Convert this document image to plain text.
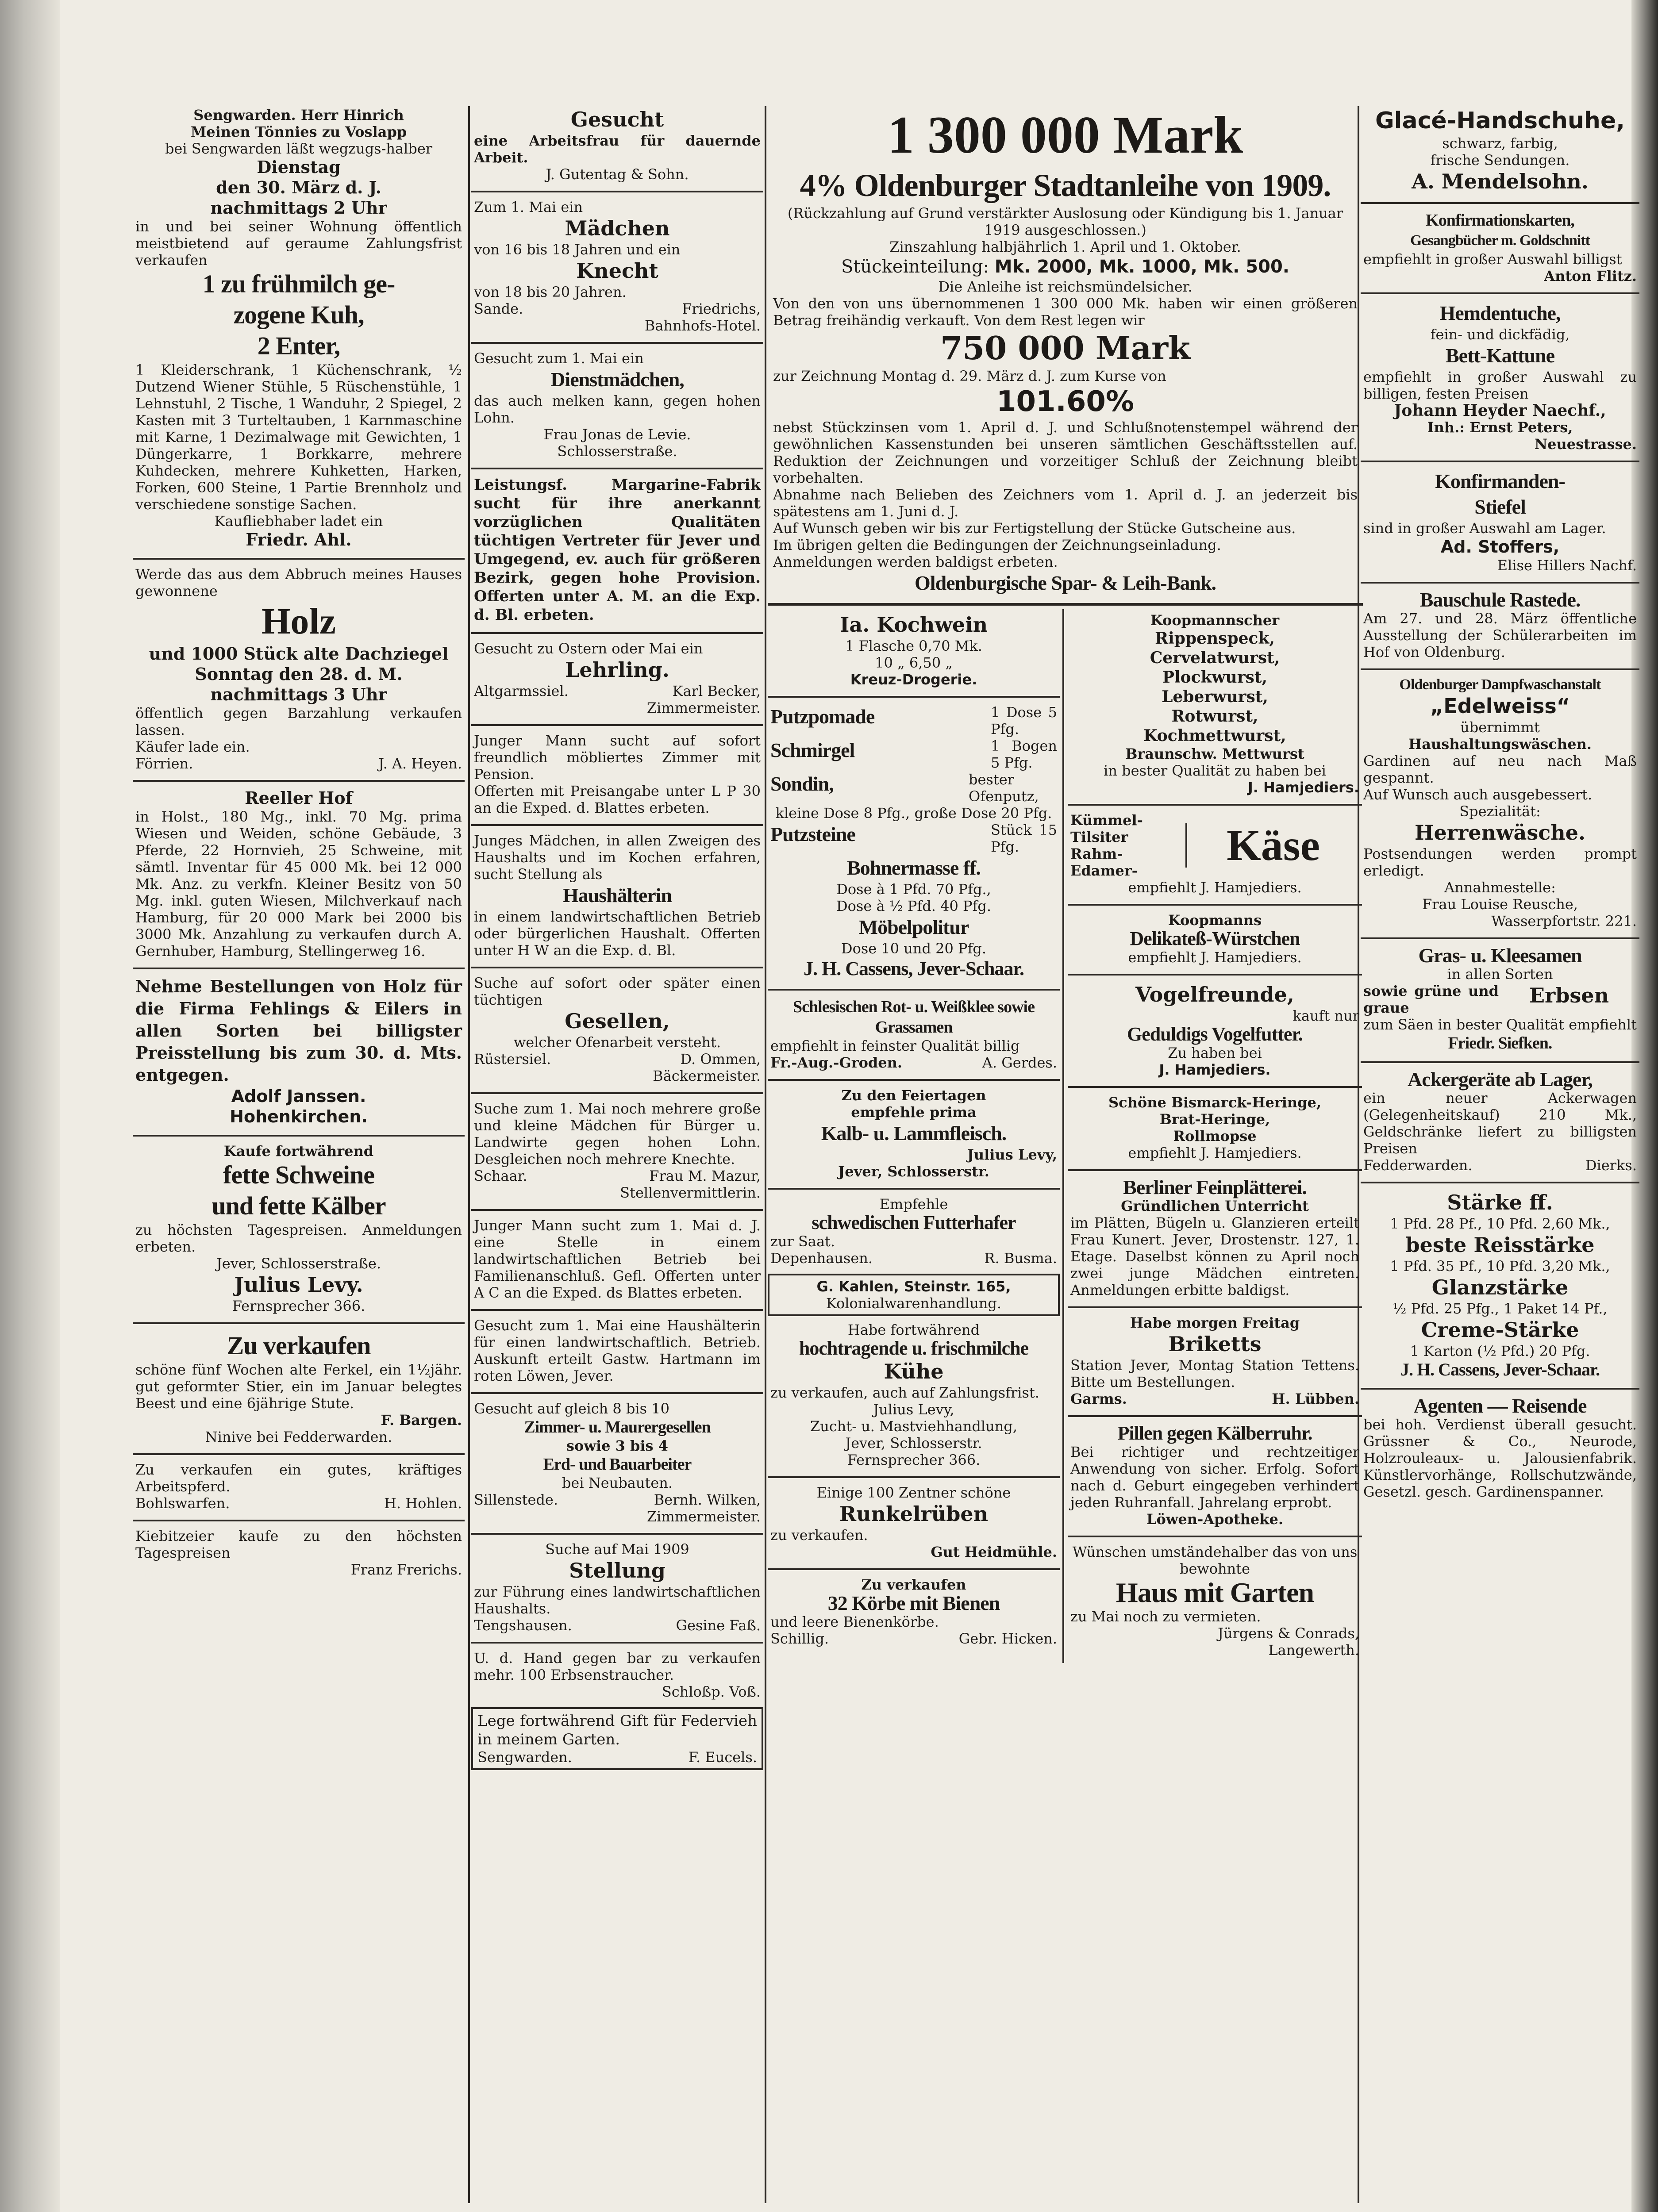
Sengwarden. Herr Hinrich
Meinen Tönnies zu Voslapp
bei Sengwarden läßt wegzugs-halber
Dienstag
den 30. März d. J.
nachmittags 2 Uhr
in und bei seiner Wohnung öffentlich meistbietend auf geraume Zahlungsfrist verkaufen
1 zu frühmilch ge-
zogene Kuh,
2 Enter,
1 Kleiderschrank, 1 Küchenschrank, ½ Dutzend Wiener Stühle, 5 Rüschenstühle, 1 Lehnstuhl, 2 Tische, 1 Wanduhr, 2 Spiegel, 2 Kasten mit 3 Turteltauben, 1 Karnmaschine mit Karne, 1 Dezimalwage mit Gewichten, 1 Düngerkarre, 1 Borkkarre, mehrere Kuhdecken, mehrere Kuhketten, Harken, Forken, 600 Steine, 1 Partie Brennholz und verschiedene sonstige Sachen.
Kaufliebhaber ladet ein
Friedr. Ahl.
Werde das aus dem Abbruch meines Hauses gewonnene
Holz
und 1000 Stück alte Dachziegel
Sonntag den 28. d. M. nachmittags 3 Uhr
öffentlich gegen Barzahlung verkaufen lassen.
Käufer lade ein.
Förrien.	J. A. Heyen.
Reeller Hof
in Holst., 180 Mg., inkl. 70 Mg. prima Wiesen und Weiden, schöne Gebäude, 3 Pferde, 22 Hornvieh, 25 Schweine, mit sämtl. Inventar für 45 000 Mk. bei 12 000 Mk. Anz. zu verkfn. Kleiner Besitz von 50 Mg. inkl. guten Wiesen, Milchverkauf nach Hamburg, für 20 000 Mark bei 2000 bis 3000 Mk. Anzahlung zu verkaufen durch A. Gernhuber, Hamburg, Stellingerweg 16.
Nehme Bestellungen von Holz für die Firma Fehlings & Eilers in allen Sorten bei billigster Preisstellung bis zum 30. d. Mts. entgegen.
Adolf Janssen.
Hohenkirchen.
Kaufe fortwährend
fette Schweine
und fette Kälber
zu höchsten Tagespreisen. Anmeldungen erbeten.
Jever, Schlosserstraße.
Julius Levy.
Fernsprecher 366.
Zu verkaufen
schöne fünf Wochen alte Ferkel, ein 1½jähr. gut geformter Stier, ein im Januar belegtes Beest und eine 6jährige Stute.
F. Bargen.
Ninive bei Fedderwarden.
Zu verkaufen ein gutes, kräftiges Arbeitspferd.
Bohlswarfen.	H. Hohlen.
Kiebitzeier kaufe zu den höchsten Tagespreisen
Franz Frerichs.
Gesucht
eine Arbeitsfrau für dauernde Arbeit.
J. Gutentag & Sohn.
Zum 1. Mai ein
Mädchen
von 16 bis 18 Jahren und ein
Knecht
von 18 bis 20 Jahren.
Sande.	Friedrichs,
Bahnhofs-Hotel.
Gesucht zum 1. Mai ein
Dienstmädchen,
das auch melken kann, gegen hohen Lohn.
Frau Jonas de Levie.
Schlosserstraße.
Leistungsf. Margarine-Fabrik sucht für ihre anerkannt vorzüglichen Qualitäten tüchtigen Vertreter für Jever und Umgegend, ev. auch für größeren Bezirk, gegen hohe Provision. Offerten unter A. M. an die Exp. d. Bl. erbeten.
Gesucht zu Ostern oder Mai ein
Lehrling.
Altgarmssiel.	Karl Becker,
Zimmermeister.
Junger Mann sucht auf sofort freundlich möbliertes Zimmer mit Pension.
Offerten mit Preisangabe unter L P 30 an die Exped. d. Blattes erbeten.
Junges Mädchen, in allen Zweigen des Haushalts und im Kochen erfahren, sucht Stellung als
Haushälterin
in einem landwirtschaftlichen Betrieb oder bürgerlichen Haushalt. Offerten unter H W an die Exp. d. Bl.
Suche auf sofort oder später einen tüchtigen
Gesellen,
welcher Ofenarbeit versteht.
Rüstersiel.	D. Ommen,
Bäckermeister.
Suche zum 1. Mai noch mehrere große und kleine Mädchen für Bürger u. Landwirte gegen hohen Lohn. Desgleichen noch mehrere Knechte.
Schaar.	Frau M. Mazur,
Stellenvermittlerin.
Junger Mann sucht zum 1. Mai d. J. eine Stelle in einem landwirtschaftlichen Betrieb bei Familienanschluß. Gefl. Offerten unter A C an die Exped. ds Blattes erbeten.
Gesucht zum 1. Mai eine Haushälterin für einen landwirtschaftlich. Betrieb. Auskunft erteilt Gastw. Hartmann im roten Löwen, Jever.
Gesucht auf gleich 8 bis 10
Zimmer- u. Maurergesellen
sowie 3 bis 4
Erd- und Bauarbeiter
bei Neubauten.
Sillenstede.	Bernh. Wilken,
Zimmermeister.
Suche auf Mai 1909
Stellung
zur Führung eines landwirtschaftlichen Haushalts.
Tengshausen.	Gesine Faß.
U. d. Hand gegen bar zu verkaufen mehr. 100 Erbsenstraucher.
Schloßp. Voß.
Lege fortwährend Gift für Federvieh in meinem Garten.
Sengwarden.	F. Eucels.
1 300 000 Mark
4% Oldenburger Stadtanleihe von 1909.
(Rückzahlung auf Grund verstärkter Auslosung oder Kündigung bis 1. Januar 1919 ausgeschlossen.)
Zinszahlung halbjährlich 1. April und 1. Oktober.
Stückeinteilung: Mk. 2000, Mk. 1000, Mk. 500.
Die Anleihe ist reichsmündelsicher.
Von den von uns übernommenen 1 300 000 Mk. haben wir einen größeren Betrag freihändig verkauft. Von dem Rest legen wir
750 000 Mark
zur Zeichnung Montag d. 29. März d. J. zum Kurse von
101.60%
nebst Stückzinsen vom 1. April d. J. und Schlußnotenstempel während der gewöhnlichen Kassenstunden bei unseren sämtlichen Geschäftsstellen auf. Reduktion der Zeichnungen und vorzeitiger Schluß der Zeichnung bleibt vorbehalten.
Abnahme nach Belieben des Zeichners vom 1. April d. J. an jederzeit bis spätestens am 1. Juni d. J.
Auf Wunsch geben wir bis zur Fertigstellung der Stücke Gutscheine aus.
Im übrigen gelten die Bedingungen der Zeichnungseinladung.
Anmeldungen werden baldigst erbeten.
Oldenburgische Spar- & Leih-Bank.
Ia. Kochwein
1 Flasche 0,70 Mk.
10 „ 6,50 „
Kreuz-Drogerie.
Putzpomade	1 Dose 5 Pfg.
Schmirgel	1 Bogen 5 Pfg.
Sondin,	bester Ofenputz,
kleine Dose 8 Pfg., große Dose 20 Pfg.
Putzsteine	Stück 15 Pfg.
Bohnermasse ff.
Dose à 1 Pfd. 70 Pfg.,
Dose à ½ Pfd. 40 Pfg.
Möbelpolitur
Dose 10 und 20 Pfg.
J. H. Cassens, Jever-Schaar.
Schlesischen Rot- u. Weißklee sowie Grassamen
empfiehlt in feinster Qualität billig
Fr.-Aug.-Groden.	A. Gerdes.
Zu den Feiertagen
empfehle prima
Kalb- u. Lammfleisch.
Julius Levy,
Jever, Schlosserstr.
Empfehle
schwedischen Futterhafer
zur Saat.
Depenhausen.	R. Busma.
G. Kahlen, Steinstr. 165,
Kolonialwarenhandlung.
Habe fortwährend
hochtragende u. frischmilche
Kühe
zu verkaufen, auch auf Zahlungsfrist.
Julius Levy,
Zucht- u. Mastviehhandlung,
Jever, Schlosserstr.
Fernsprecher 366.
Einige 100 Zentner schöne
Runkelrüben
zu verkaufen.
Gut Heidmühle.
Zu verkaufen
32 Körbe mit Bienen
und leere Bienenkörbe.
Schillig.	Gebr. Hicken.
Koopmannscher
Rippenspeck,
Cervelatwurst,
Plockwurst,
Leberwurst,
Rotwurst,
Kochmettwurst,
Braunschw. Mettwurst
in bester Qualität zu haben bei
J. Hamjediers.
Kümmel-
Tilsiter
Rahm-
Edamer-
Käse
empfiehlt J. Hamjediers.
Koopmanns
Delikateß-Würstchen
empfiehlt J. Hamjediers.
Vogelfreunde,
kauft nur
Geduldigs Vogelfutter.
Zu haben bei
J. Hamjediers.
Schöne Bismarck-Heringe,
Brat-Heringe,
Rollmopse
empfiehlt J. Hamjediers.
Berliner Feinplätterei.
Gründlichen Unterricht
im Plätten, Bügeln u. Glanzieren erteilt Frau Kunert. Jever, Drostenstr. 127, 1. Etage. Daselbst können zu April noch zwei junge Mädchen eintreten. Anmeldungen erbitte baldigst.
Habe morgen Freitag
Briketts
Station Jever, Montag Station Tettens. Bitte um Bestellungen.
Garms.	H. Lübben.
Pillen gegen Kälberruhr.
Bei richtiger und rechtzeitiger Anwendung von sicher. Erfolg. Sofort nach d. Geburt eingegeben verhindert jeden Ruhranfall. Jahrelang erprobt.
Löwen-Apotheke.
Wünschen umständehalber das von uns bewohnte
Haus mit Garten
zu Mai noch zu vermieten.
Jürgens & Conrads,
Langewerth.
Glacé-Handschuhe,
schwarz, farbig,
frische Sendungen.
A. Mendelsohn.
Konfirmationskarten,
Gesangbücher m. Goldschnitt
empfiehlt in großer Auswahl billigst
Anton Flitz.
Hemdentuche,
fein- und dickfädig,
Bett-Kattune
empfiehlt in großer Auswahl zu billigen, festen Preisen
Johann Heyder Naechf.,
Inh.: Ernst Peters,
Neuestrasse.
Konfirmanden-
Stiefel
sind in großer Auswahl am Lager.
Ad. Stoffers,
Elise Hillers Nachf.
Bauschule Rastede.
Am 27. und 28. März öffentliche Ausstellung der Schülerarbeiten im Hof von Oldenburg.
Oldenburger Dampfwaschanstalt
„Edelweiss“
übernimmt
Haushaltungswäschen.
Gardinen auf neu nach Maß gespannt.
Auf Wunsch auch ausgebessert.
Spezialität:
Herrenwäsche.
Postsendungen werden prompt erledigt.
Annahmestelle:
Frau Louise Reusche,
Wasserpfortstr. 221.
Gras- u. Kleesamen
in allen Sorten
sowie grüne und graue
Erbsen
zum Säen in bester Qualität empfiehlt
Friedr. Siefken.
Ackergeräte ab Lager,
ein neuer Ackerwagen (Gelegenheitskauf) 210 Mk., Geldschränke liefert zu billigsten Preisen
Fedderwarden.	Dierks.
Stärke ff.
1 Pfd. 28 Pf., 10 Pfd. 2,60 Mk.,
beste Reisstärke
1 Pfd. 35 Pf., 10 Pfd. 3,20 Mk.,
Glanzstärke
½ Pfd. 25 Pfg., 1 Paket 14 Pf.,
Creme-Stärke
1 Karton (½ Pfd.) 20 Pfg.
J. H. Cassens, Jever-Schaar.
Agenten — Reisende
bei hoh. Verdienst überall gesucht. Grüssner & Co., Neurode, Holzrouleaux- u. Jalousienfabrik. Künstlervorhänge, Rollschutzwände, Gesetzl. gesch. Gardinenspanner.
